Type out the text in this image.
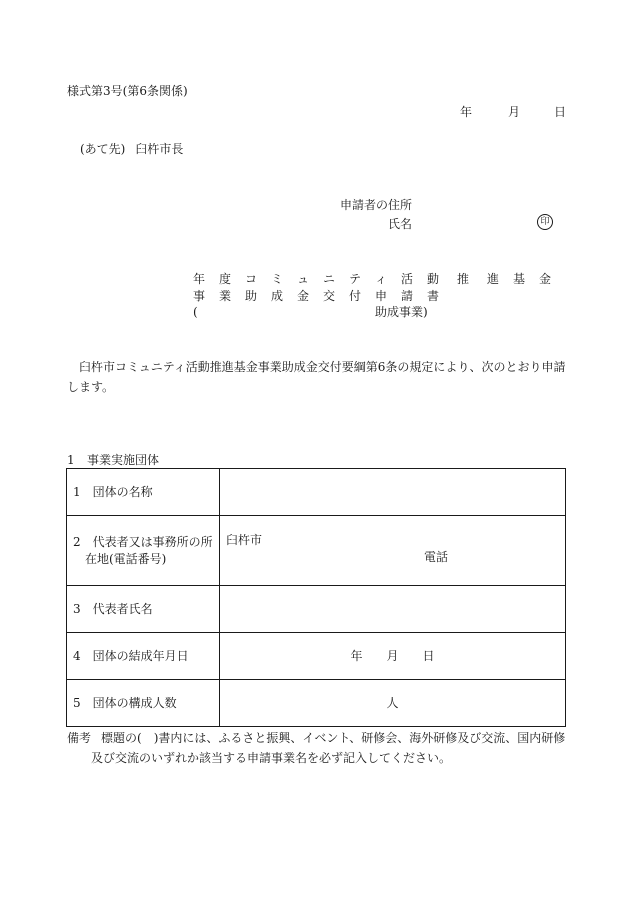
様式第3号(第6条関係)
年	月	日
(あて先) 臼杵市長
申請者の住所
氏名	印
年 度 コ ミ ュ ニ テ ィ 活 動 推 進 基 金
事 業 助 成 金 交 付 申 請 書
(	助成事業)
臼杵市コミュニティ活動推進基金事業助成金交付要綱第6条の規定により、次のとおり申請します。
1 事業実施団体
1　団体の名称	
2　代表者又は事務所の所
在地(電話番号)	臼杵市
電話

3　代表者氏名	
4　団体の結成年月日	年 月 日
5　団体の構成人数	人
備考 標題の(　)書内には、ふるさと振興、イベント、研修会、海外研修及び交流、国内研修
及び交流のいずれか該当する申請事業名を必ず記入してください。
